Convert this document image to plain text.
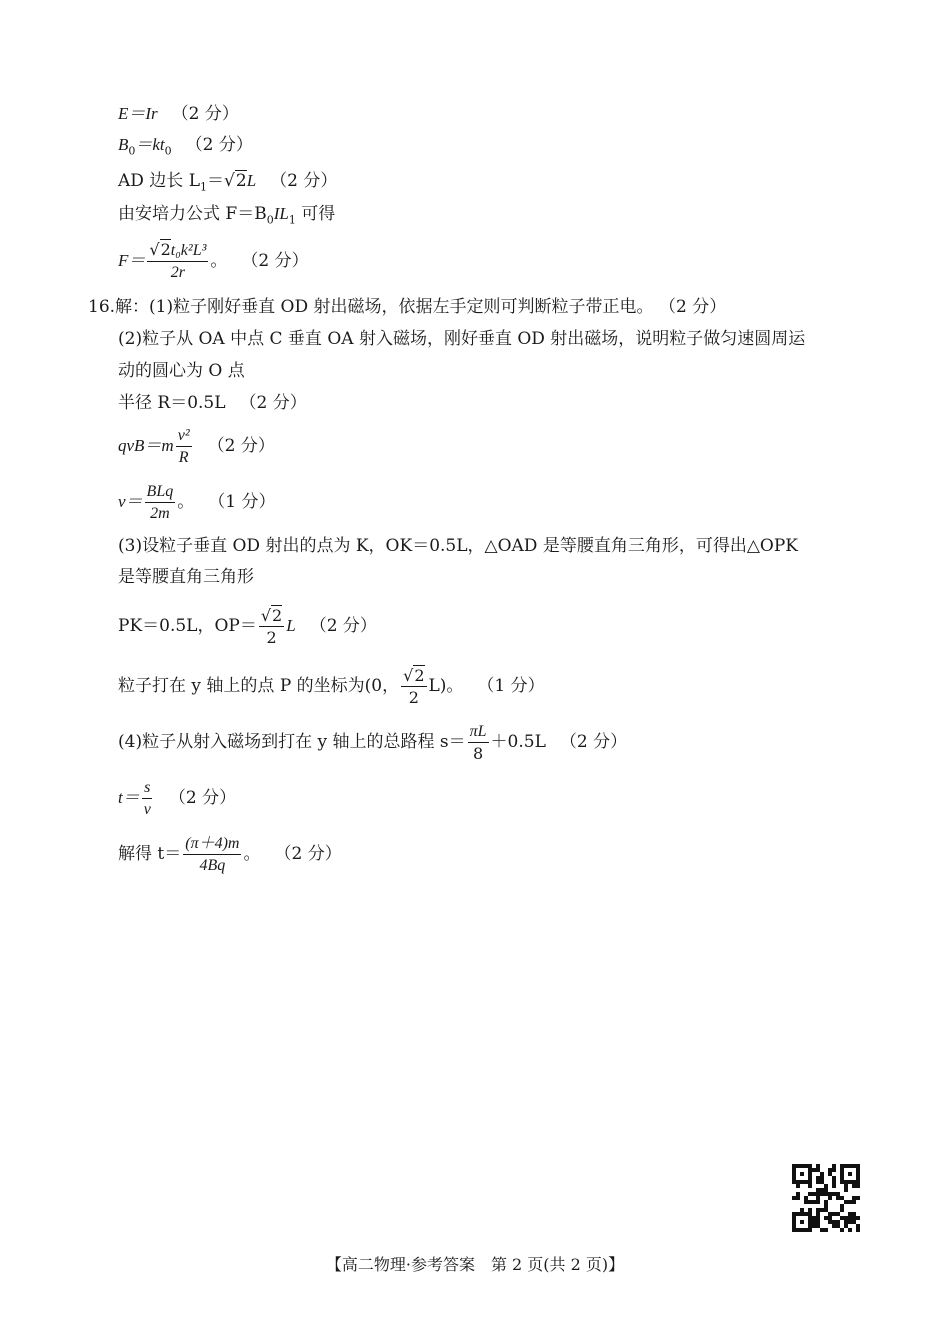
E＝Ir （2 分）
$B_0=kt_0$ （2 分）
AD 边长 $L_1=√2L$ （2 分）
由安培力公式 $F=B_0IL_1$ 可得
$F= \frac{\text{√2t₀k²L³}}{2r}$ 。 （2 分）
16.解：(1)粒子刚好垂直 OD 射出磁场，依据左手定则可判断粒子带正电。 （2 分）
(2)粒子从 OA 中点 C 垂直 OA 射入磁场，刚好垂直 OD 射出磁场，说明粒子做匀速圆周运
动的圆心为 O 点
半径 R＝0.5L （2 分）
$qvB=m \frac{\text{v²}}{R} (2$ 分）
$v= \frac{\text{BLq}}{2m}$ 。 （1 分）
(3)设粒子垂直 OD 射出的点为 K，OK＝0.5L，△OAD 是等腰直角三角形，可得出△OPK
是等腰直角三角形
PK＝0.5L，$OP= \frac{√2}{2}$ L （2 分）
粒子打在 y 轴上的点 P 的坐标为(0， $\frac{√2}{2} L$)。 （1 分）
(4)粒子从射入磁场到打在 y 轴上的总路程 $s= \frac{\pi L}{8} +0.5L$ （2 分）
$t= \frac{s}{v} (2$ 分）
解得 $t= \frac{(\pi+4)m}{4Bq}$ 。 （2 分）
【高二物理·参考答案　第 2 页(共 2 页)】
